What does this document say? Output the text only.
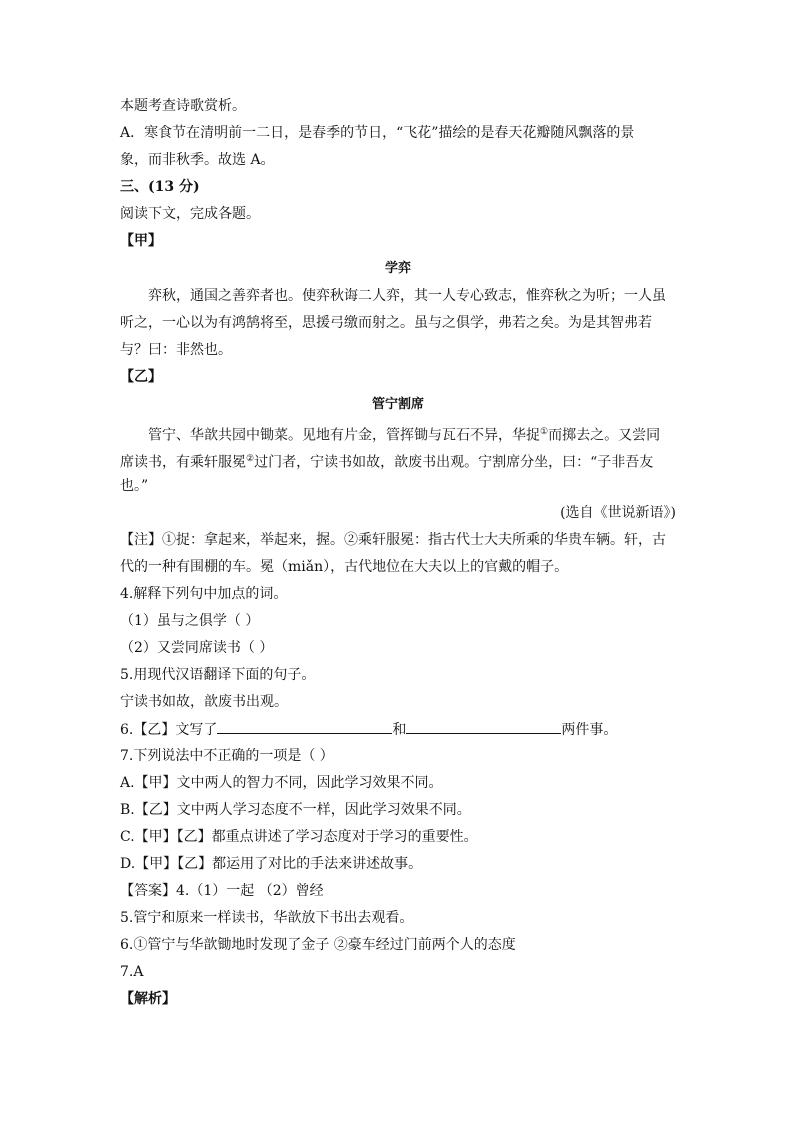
本题考查诗歌赏析。
A．寒食节在清明前一二日，是春季的节日，“飞花”描绘的是春天花瓣随风飘落的景
象，而非秋季。故选 A。
三、(13 分)
阅读下文，完成各题。
【甲】
学弈
弈秋，通国之善弈者也。使弈秋诲二人弈，其一人专心致志，惟弈秋之为听；一人虽
听之，一心以为有鸿鹄将至，思援弓缴而射之。虽与之俱学，弗若之矣。为是其智弗若
与？曰：非然也。
【乙】
管宁割席
管宁、华歆共园中锄菜。见地有片金，管挥锄与瓦石不异，华捉①而掷去之。又尝同
席读书，有乘轩服冕②过门者，宁读书如故，歆废书出观。宁割席分坐，曰：“子非吾友
也。”
(选自《世说新语》)
【注】①捉：拿起来，举起来，握。②乘轩服冕：指古代士大夫所乘的华贵车辆。轩，古
代的一种有围棚的车。冕（miǎn），古代地位在大夫以上的官戴的帽子。
4.解释下列句中加点的词。
（1）虽与之俱学（ ）
（2）又尝同席读书（ ）
5.用现代汉语翻译下面的句子。
宁读书如故，歆废书出观。
6.【乙】文写了	和	两件事。
7.下列说法中不正确的一项是（ ）
A.【甲】文中两人的智力不同，因此学习效果不同。
B.【乙】文中两人学习态度不一样，因此学习效果不同。
C.【甲】【乙】都重点讲述了学习态度对于学习的重要性。
D.【甲】【乙】都运用了对比的手法来讲述故事。
【答案】4.（1）一起 （2）曾经
5.管宁和原来一样读书，华歆放下书出去观看。
6.①管宁与华歆锄地时发现了金子 ②豪车经过门前两个人的态度
7.A
【解析】
